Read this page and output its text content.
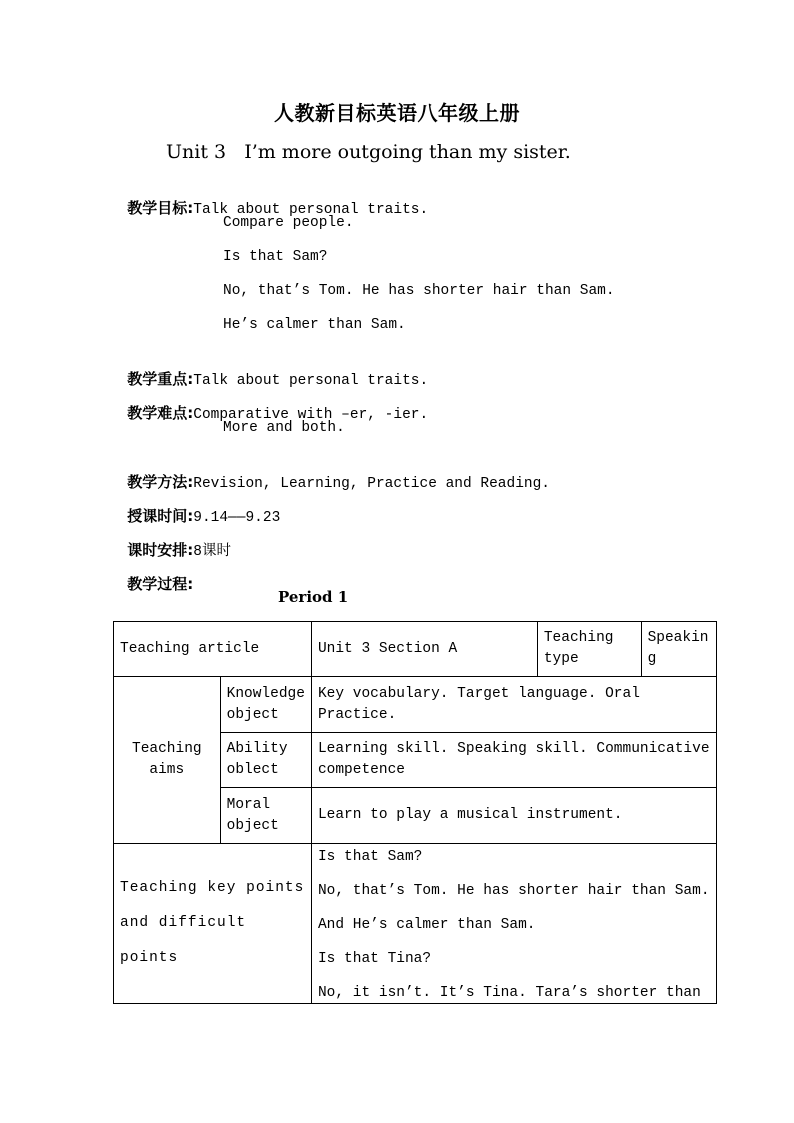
人教新目标英语八年级上册
Unit 3   I’m more outgoing than my sister.

教学目标:Talk about personal traits.

Compare people.
Is that Sam?
No, that’s Tom. He has shorter hair than Sam.
He’s calmer than Sam.

教学重点:Talk about personal traits.

教学难点:Comparative with –er, -ier.

More and both.

教学方法:Revision, Learning, Practice and Reading.

授课时间:9.14——9.23

课时安排:8课时

教学过程:

Period 1
Teaching article		Unit 3 Section A	Teaching type	Speaking
Teaching aims	Knowledge object	Key vocabulary. Target language. Oral Practice.		
	Ability oblect	Learning skill. Speaking skill. Communicative competence		
	Moral object	Learn to play a musical instrument.		
Teaching key points and difficult points		Is that Sam?
No, that’s Tom. He has shorter hair than Sam.
And He’s calmer than Sam.
Is that Tina?
No, it isn’t. It’s Tina. Tara’s shorter than		
